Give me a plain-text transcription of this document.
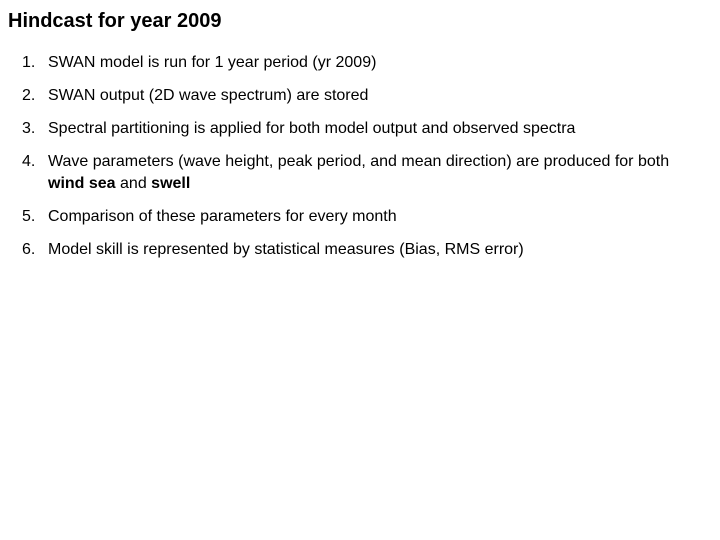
Hindcast for year 2009
1. SWAN model is run for 1 year period (yr 2009)
2. SWAN output (2D wave spectrum) are stored
3. Spectral partitioning is applied for both model output and observed spectra
4. Wave parameters (wave height, peak period, and mean direction) are produced for both wind sea and swell
5. Comparison of these parameters for every month
6. Model skill is represented by statistical measures (Bias, RMS error)
